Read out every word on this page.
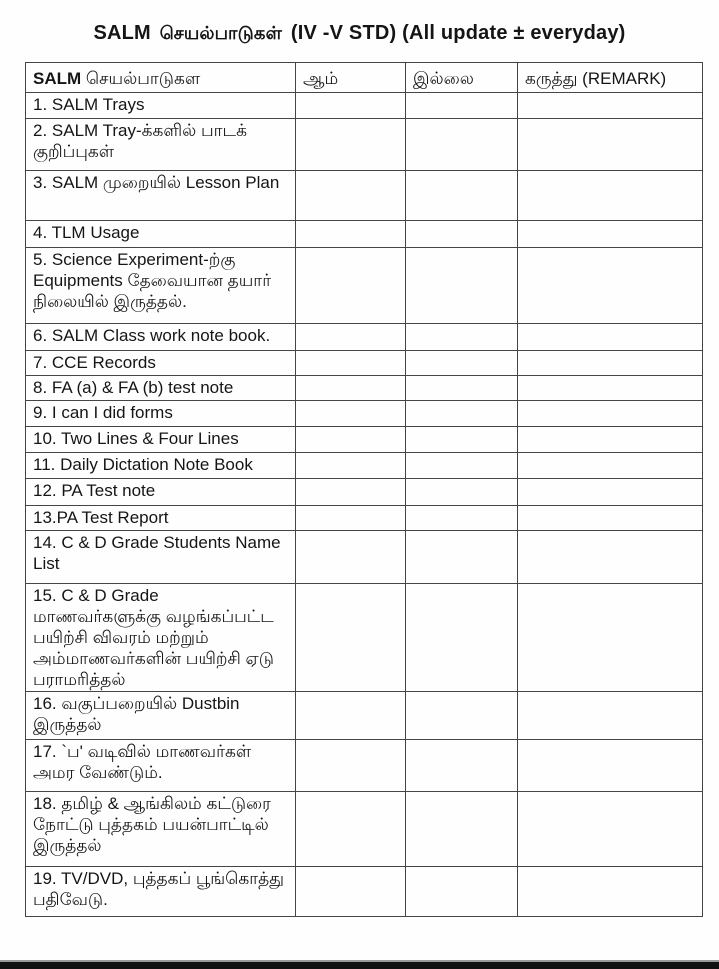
SALM செயல்பாடுகள் (IV -V STD) (All update ± everyday)
SALM செயல்பாடுகள	ஆம்	இல்லை	கருத்து (REMARK)
1. SALM Trays			
2. SALM Tray-க்களில் பாடக் குறிப்புகள்			
3. SALM முறையில் Lesson Plan			
4. TLM Usage			
5. Science Experiment-ற்கு Equipments தேவையான தயார் நிலையில் இருத்தல்.			
6. SALM Class work note book.			
7. CCE Records			
8. FA (a) & FA (b) test note			
9. I can I did forms			
10. Two Lines & Four Lines			
11. Daily Dictation Note Book			
12. PA Test note			
13.PA Test Report			
14. C & D Grade Students Name List			
15. C & D Grade மாணவர்களுக்கு வழங்கப்பட்ட பயிற்சி விவரம் மற்றும் அம்மாணவர்களின் பயிற்சி ஏடு பராமரித்தல்			
16. வகுப்பறையில் Dustbin இருத்தல்			
17. `ப' வடிவில் மாணவர்கள் அமர வேண்டும்.			
18. தமிழ் & ஆங்கிலம் கட்டுரை நோட்டு புத்தகம் பயன்பாட்டில் இருத்தல்			
19. TV/DVD, புத்தகப் பூங்கொத்து பதிவேடு.			
